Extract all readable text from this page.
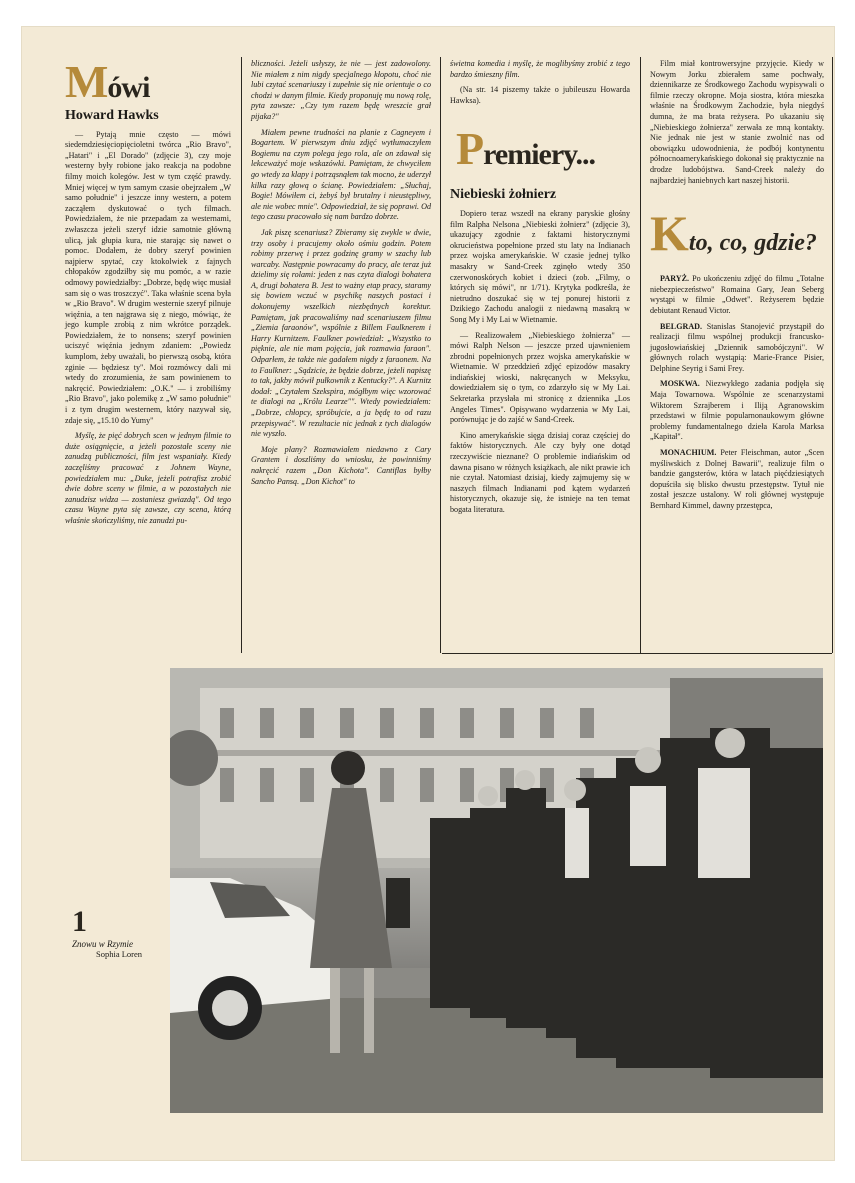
Mówi
Howard Hawks

— Pytają mnie często — mówi siedemdziesięciopięcioletni twórca „Rio Bravo", „Hatari" i „El Dorado" (zdjęcie 3), czy moje westerny były robione jako reakcja na podobne filmy moich kolegów. Jest w tym część prawdy. Mniej więcej w tym samym czasie obejrzałem „W samo południe" i jeszcze inny western, a potem zacząłem dyskutować o tych filmach. Powiedziałem, że nie przepadam za westernami, zwłaszcza jeżeli szeryf idzie samotnie główną ulicą, jak głupia kura, nie starając się nawet o pomoc. Dodałem, że dobry szeryf powinien najpierw spytać, czy ktokolwiek z fajnych chłopaków zgodziłby się mu pomóc, a w razie odmowy powiedziałby: „Dobrze, będę więc musiał sam się o was troszczyć". Taka właśnie scena była w „Rio Bravo". W drugim westernie szeryf pilnuje więźnia, a ten najgrawa się z niego, mówiąc, że jego kumple zrobią z nim wkrótce porządek. Powiedziałem, że to nonsens; szeryf powinien uciszyć więźnia jednym zdaniem: „Powiedz kumplom, żeby uważali, bo pierwszą osobą, która zginie — będziesz ty". Moi rozmówcy dali mi wtedy do zrozumienia, że sam powinienem to nakręcić. Powiedziałem: „O.K." — i zrobiliśmy „Rio Bravo", jako polemikę z „W samo południe" i z tym drugim westernem, który nazywał się, zdaje się, „15.10 do Yumy"

Myślę, że pięć dobrych scen w jednym filmie to duże osiągnięcie, a jeżeli pozostałe sceny nie zanudzą publiczności, film jest wspaniały. Kiedy zaczęliśmy pracować z Johnem Wayne, powiedziałem mu: „Duke, jeżeli potrafisz zrobić dwie dobre sceny w filmie, a w pozostałych nie zanudzisz widza — zostaniesz gwiazdą". Od tego czasu Wayne pyta się zawsze, czy scena, którą właśnie skończyliśmy, nie zanudzi pu-

bliczności. Jeżeli usłyszy, że nie — jest zadowolony. Nie miałem z nim nigdy specjalnego kłopotu, choć nie lubi czytać scenariuszy i zupełnie się nie orientuje o co chodzi w danym filmie. Kiedy proponuję mu nową rolę, pyta zawsze: „Czy tym razem będę wreszcie grał pijaka?"

Miałem pewne trudności na planie z Cagneyem i Bogartem. W pierwszym dniu zdjęć wytłumaczyłem Bogiemu na czym polega jego rola, ale on zdawał się lekceważyć moje wskazówki. Pamiętam, że chwyciłem go wtedy za klapy i potrząsnąłem tak mocno, że uderzył kilka razy głową o ścianę. Powiedziałem: „Słuchaj, Bogie! Mówiłem ci, żebyś był brutalny i nieustępliwy, ale nie wobec mnie". Odpowiedział, że się poprawi. Od tego czasu pracowało się nam bardzo dobrze.

Jak piszę scenariusz? Zbieramy się zwykle w dwie, trzy osoby i pracujemy około ośmiu godzin. Potem robimy przerwę i przez godzinę gramy w szachy lub warcaby. Następnie powracamy do pracy, ale teraz już dzielimy się rolami: jeden z nas czyta dialogi bohatera A, drugi bohatera B. Jest to ważny etap pracy, staramy się bowiem wczuć w psychikę naszych postaci i dokonujemy wszelkich niezbędnych korektur. Pamiętam, jak pracowaliśmy nad scenariuszem filmu „Ziemia faraonów", wspólnie z Billem Faulknerem i Harry Kurnitzem. Faulkner powiedział: „Wszystko to pięknie, ale nie mam pojęcia, jak rozmawia faraon". Odparłem, że także nie gadałem nigdy z faraonem. Na to Faulkner: „Sądzicie, że będzie dobrze, jeżeli napiszę to tak, jakby mówił pułkownik z Kentucky?". A Kurnitz dodał: „Czytałem Szekspira, mógłbym więc wzorować te dialogi na „Królu Learze"". Wtedy powiedziałem: „Dobrze, chłopcy, spróbujcie, a ja będę to od razu przepisywać". W rezultacie nic jednak z tych dialogów nie wyszło.

Moje plany? Rozmawiałem niedawno z Cary Grantem i doszliśmy do wniosku, że powinniśmy nakręcić razem „Don Kichota". Cantiflas byłby Sancho Pansą. „Don Kichot" to

świetna komedia i myślę, że moglibyśmy zrobić z tego bardzo śmieszny film.

(Na str. 14 piszemy także o jubileuszu Howarda Hawksa).

Premiery...
Niebieski żołnierz

Dopiero teraz wszedł na ekrany paryskie głośny film Ralpha Nelsona „Niebieski żołnierz" (zdjęcie 3), ukazujący zgodnie z faktami historycznymi okrucieństwa popełnione przed stu laty na Indianach przez wojska amerykańskie. W czasie jednej tylko masakry w Sand-Creek zginęło wtedy 350 czerwonoskórych kobiet i dzieci (zob. „Filmy, o których się mówi", nr 1/71). Krytyka podkreśla, że nietrudno doszukać się w tej ponurej historii z Dzikiego Zachodu analogii z niedawną masakrą w Song My i My Lai w Wietnamie.

— Realizowałem „Niebieskiego żołnierza" — mówi Ralph Nelson — jeszcze przed ujawnieniem zbrodni popełnionych przez wojska amerykańskie w Wietnamie. W przeddzień zdjęć epizodów masakry indiańskiej wioski, nakręcanych w Meksyku, dowiedziałem się o tym, co zdarzyło się w My Lai. Sekretarka przysłała mi stronicę z dziennika „Los Angeles Times". Opisywano wydarzenia w My Lai, porównując je do zajść w Sand-Creek.

Kino amerykańskie sięga dzisiaj coraz częściej do faktów historycznych. Ale czy były one dotąd rzeczywiście nieznane? O problemie indiańskim od dawna pisano w różnych książkach, ale nikt prawie ich nie czytał. Natomiast dzisiaj, kiedy zajmujemy się w naszych filmach Indianami pod kątem wydarzeń historycznych, okazuje się, że istnieje na ten temat bogata literatura.

Film miał kontrowersyjne przyjęcie. Kiedy w Nowym Jorku zbierałem same pochwały, dziennikarze ze Środkowego Zachodu wypisywali o filmie rzeczy okropne. Moja siostra, która mieszka właśnie na Środkowym Zachodzie, była niegdyś dumna, że ma brata reżysera. Po ukazaniu się „Niebieskiego żołnierza" zerwała ze mną kontakty. Nie jednak nie jest w stanie zwolnić nas od obowiązku udowodnienia, że podbój kontynentu północnoamerykańskiego dokonał się praktycznie na drodze ludobójstwa. Sand-Creek należy do najbardziej haniebnych kart naszej historii.

Kto, co, gdzie?

PARYŻ. Po ukończeniu zdjęć do filmu „Totalne niebezpieczeństwo" Romaina Gary, Jean Seberg wystąpi w filmie „Odwet". Reżyserem będzie debiutant Renaud Victor.

BELGRAD. Stanislas Stanojević przystąpił do realizacji filmu wspólnej produkcji francusko-jugosłowiańskiej „Dziennik samobójczyni". W głównych rolach wystąpią: Marie-France Pisier, Delphine Seyrig i Sami Frey.

MOSKWA. Niezwykłego zadania podjęła się Maja Towarnowa. Wspólnie ze scenarzystami Wiktorem Szrajberem i Iliją Agranowskim przedstawi w filmie popularnonaukowym główne problemy fundamentalnego dzieła Karola Marksa „Kapitał".

MONACHIUM. Peter Fleischman, autor „Scen myśliwskich z Dolnej Bawarii", realizuje film o bandzie gangsterów, która w latach pięćdziesiątych dopuściła się blisko dwustu przestępstw. Tytuł nie został jeszcze ustalony. W roli głównej występuje Bernhard Kimmel, dawny przestępca,

1
Znowu w Rzymie
Sophia Loren
